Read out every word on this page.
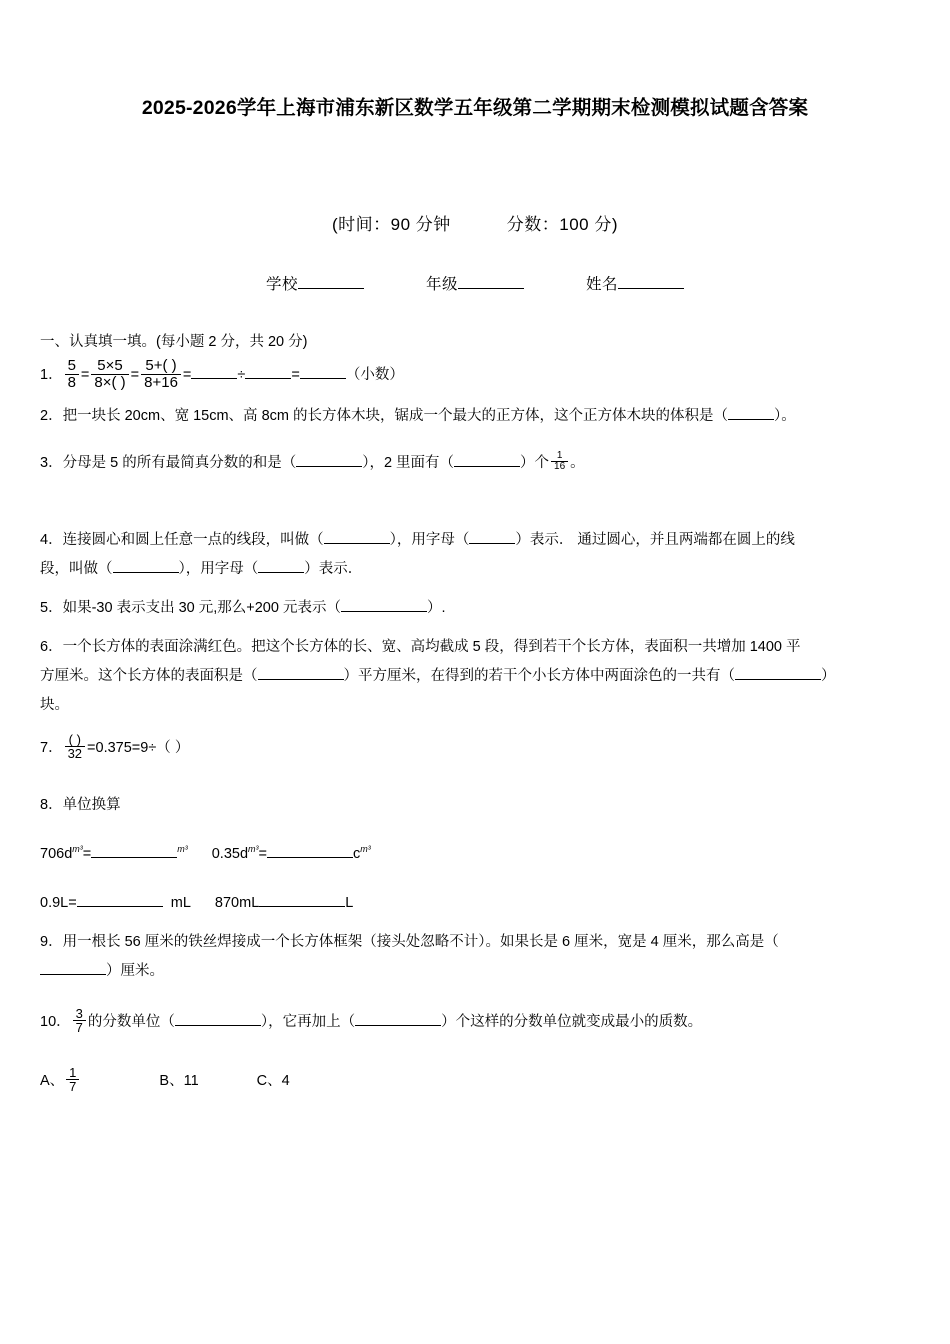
2025-2026学年上海市浦东新区数学五年级第二学期期末检测模拟试题含答案
(时间：90 分钟	分数：100 分)
学校	年级	姓名
一、认真填一填。(每小题 2 分，共 20 分)
1． $\frac{5}{8} = \frac{5\times 5}{8\times( )} = \frac{5+( )}{8+16}$ =	÷	=	（小数）
2．把一块长 20cm、宽 15cm、高 8cm 的长方体木块，锯成一个最大的正方体，这个正方体木块的体积是（	）。
3．分母是 5 的所有最简真分数的和是（	），2 里面有（	）个 $\frac{1}{16}$ 。
4．连接圆心和圆上任意一点的线段，叫做（	），用字母（	）表示． 通过圆心，并且两端都在圆上的线
段，叫做（	），用字母（	）表示．
5．如果-30 表示支出 30 元,那么+200 元表示（	）.
6．一个长方体的表面涂满红色。把这个长方体的长、宽、高均截成 5 段，得到若干个长方体，表面积一共增加 1400 平
方厘米。这个长方体的表面积是（	）平方厘米，在得到的若干个小长方体中两面涂色的一共有（	）
块。
7． $\frac{( )}{32} =0.375=9\div$（ ）
8．单位换算
$706d^{m^3}=$	$^{m^3}$ $0.35d^{m^3}=$	$c^{m^3}$
0.9L=	mL 870mL	L
9．用一根长 56 厘米的铁丝焊接成一个长方体框架（接头处忽略不计）。如果长是 6 厘米，宽是 4 厘米，那么高是（
）厘米。
10． $\frac{3}{7}$ 的分数单位（	），它再加上（	）个这样的分数单位就变成最小的质数。
A、 $\frac{1}{7}$	B、11	C、4
